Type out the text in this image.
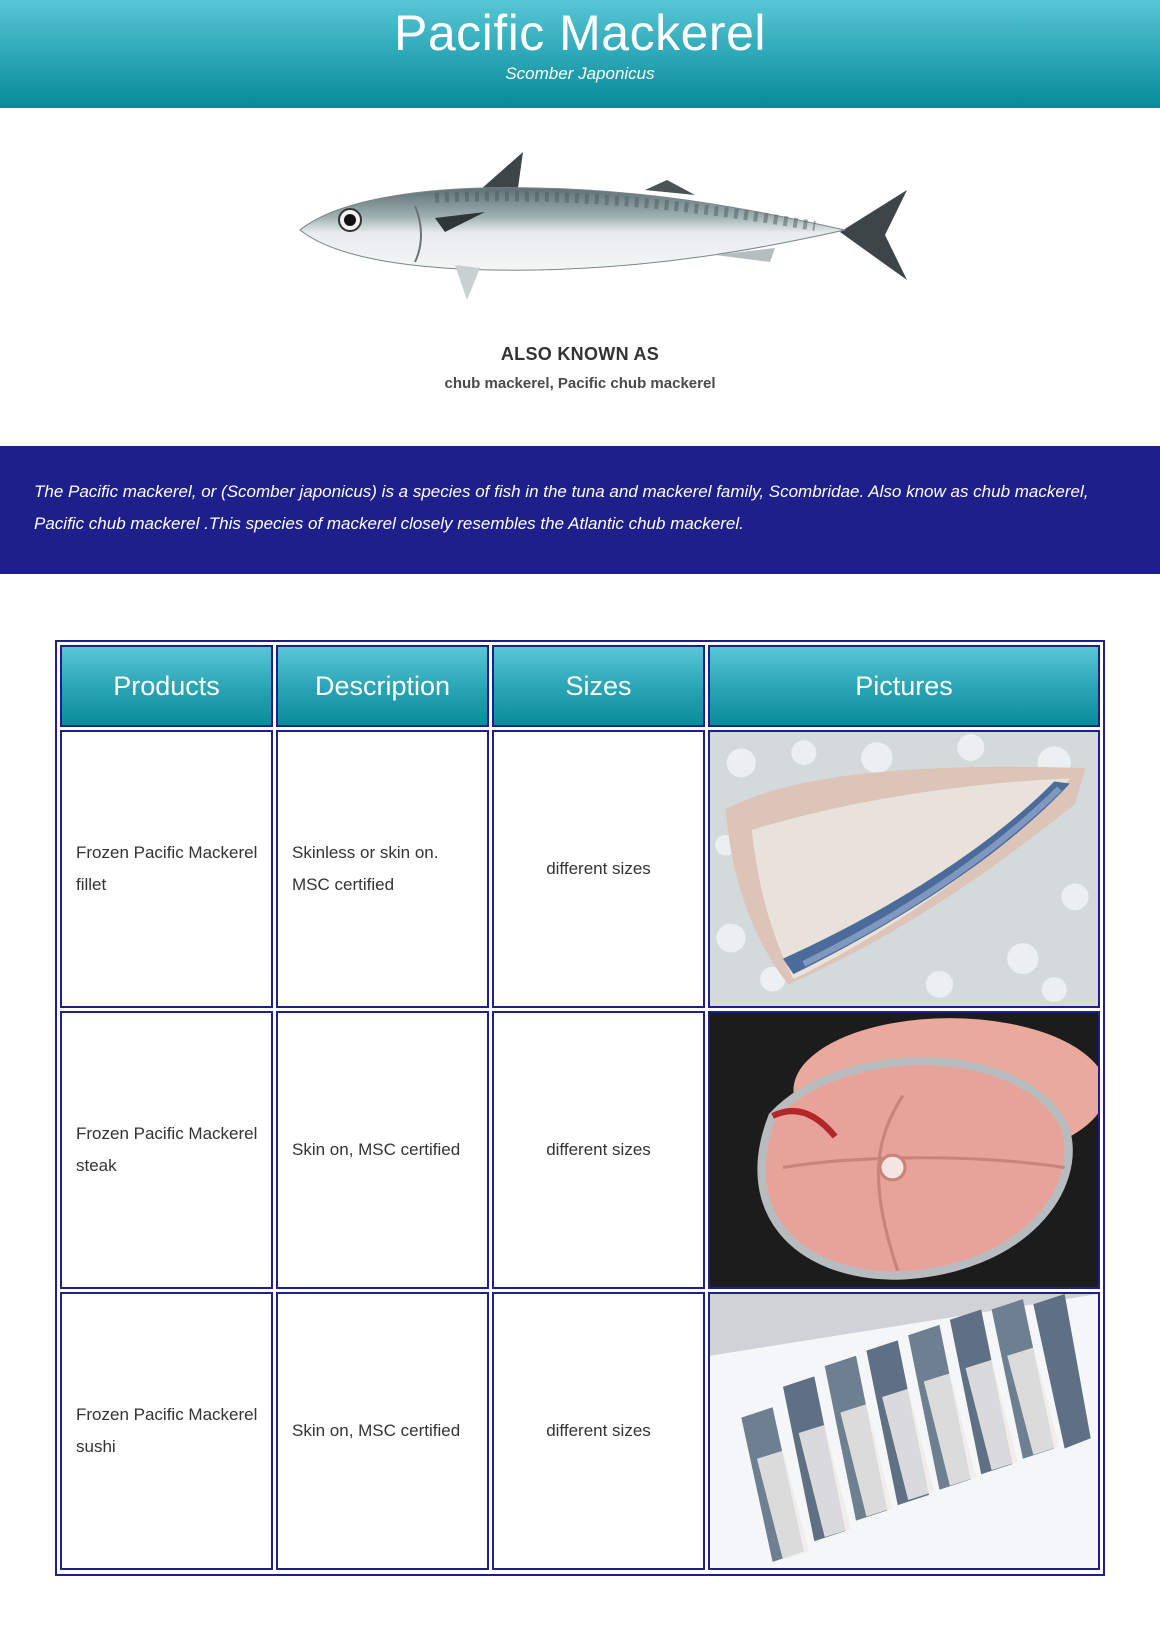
Pacific Mackerel
Scomber Japonicus
ALSO KNOWN AS
chub mackerel, Pacific chub mackerel

The Pacific mackerel, or (Scomber japonicus) is a species of fish in the tuna and mackerel family, Scombridae. Also know as chub mackerel, Pacific chub mackerel .This species of mackerel closely resembles the Atlantic chub mackerel.

Products	Description	Sizes	Pictures
Frozen Pacific Mackerel fillet	Skinless or skin on. MSC certified	different sizes	

Frozen Pacific Mackerel steak	Skin on, MSC certified	different sizes	

Frozen Pacific Mackerel sushi	Skin on, MSC certified	different sizes	
